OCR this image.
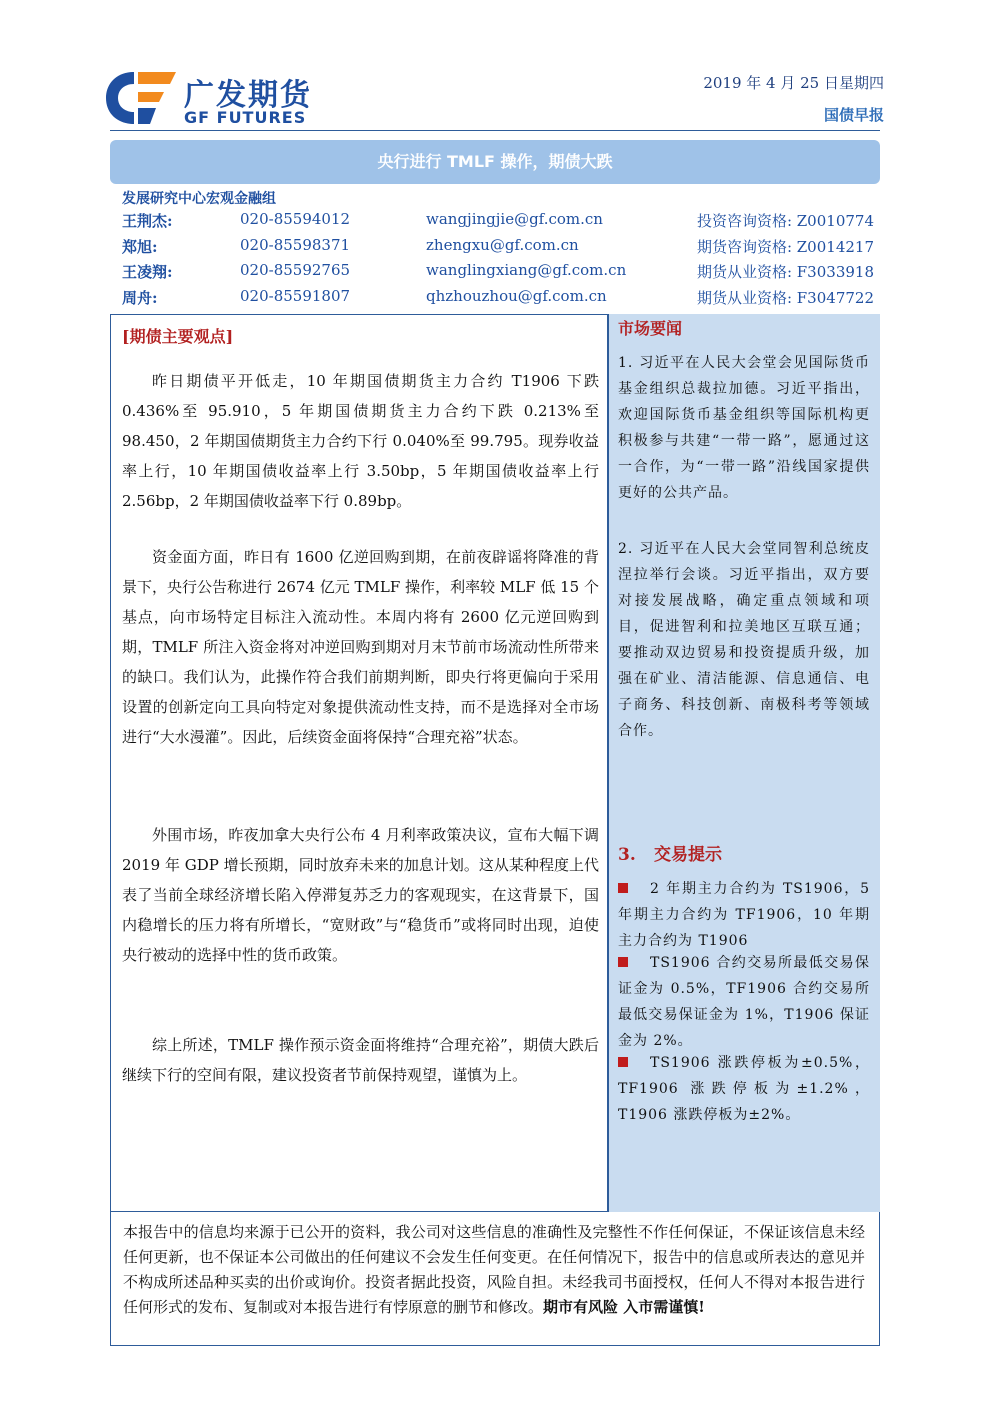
广发期货
GF FUTURES
2019 年 4 月 25 日星期四
国债早报
央行进行 TMLF 操作，期债大跌
发展研究中心宏观金融组
王荆杰:	020-85594012	wangjingjie@gf.com.cn	投资咨询资格: Z0010774
郑旭:	020-85598371	zhengxu@gf.com.cn	期货咨询资格: Z0014217
王凌翔:	020-85592765	wanglingxiang@gf.com.cn	期货从业资格: F3033918
周舟:	020-85591807	qhzhouzhou@gf.com.cn	期货从业资格: F3047722
[期债主要观点]

昨日期债平开低走，10 年期国债期货主力合约 T1906 下跌 0.436%至 95.910，5 年期国债期货主力合约下跌 0.213%至 98.450，2 年期国债期货主力合约下行 0.040%至 99.795。现券收益率上行，10 年期国债收益率上行 3.50bp，5 年期国债收益率上行 2.56bp，2 年期国债收益率下行 0.89bp。

资金面方面，昨日有 1600 亿逆回购到期，在前夜辟谣将降准的背景下，央行公告称进行 2674 亿元 TMLF 操作，利率较 MLF 低 15 个基点，向市场特定目标注入流动性。本周内将有 2600 亿元逆回购到期，TMLF 所注入资金将对冲逆回购到期对月末节前市场流动性所带来的缺口。我们认为，此操作符合我们前期判断，即央行将更偏向于采用设置的创新定向工具向特定对象提供流动性支持，而不是选择对全市场进行“大水漫灌”。因此，后续资金面将保持“合理充裕”状态。

外围市场，昨夜加拿大央行公布 4 月利率政策决议，宣布大幅下调 2019 年 GDP 增长预期，同时放弃未来的加息计划。这从某种程度上代表了当前全球经济增长陷入停滞复苏乏力的客观现实，在这背景下，国内稳增长的压力将有所增长，“宽财政”与“稳货币”或将同时出现，迫使央行被动的选择中性的货币政策。

综上所述，TMLF 操作预示资金面将维持“合理充裕”，期债大跌后继续下行的空间有限，建议投资者节前保持观望，谨慎为上。

市场要闻

1. 习近平在人民大会堂会见国际货币基金组织总裁拉加德。习近平指出，欢迎国际货币基金组织等国际机构更积极参与共建“一带一路”，愿通过这一合作，为“一带一路”沿线国家提供更好的公共产品。

2. 习近平在人民大会堂同智利总统皮涅拉举行会谈。习近平指出，双方要对接发展战略，确定重点领域和项目，促进智利和拉美地区互联互通；要推动双边贸易和投资提质升级，加强在矿业、清洁能源、信息通信、电子商务、科技创新、南极科考等领域合作。

3. 交易提示

2 年期主力合约为 TS1906，5 年期主力合约为 TF1906，10 年期主力合约为 T1906

TS1906 合约交易所最低交易保证金为 0.5%，TF1906 合约交易所最低交易保证金为 1%，T1906 保证金为 2%。

TS1906 涨跌停板为±0.5%，TF1906 涨跌停板为±1.2%，T1906 涨跌停板为±2%。

本报告中的信息均来源于已公开的资料，我公司对这些信息的准确性及完整性不作任何保证，不保证该信息未经任何更新，也不保证本公司做出的任何建议不会发生任何变更。在任何情况下，报告中的信息或所表达的意见并不构成所述品种买卖的出价或询价。投资者据此投资，风险自担。未经我司书面授权，任何人不得对本报告进行任何形式的发布、复制或对本报告进行有悖原意的删节和修改。期市有风险 入市需谨慎!
